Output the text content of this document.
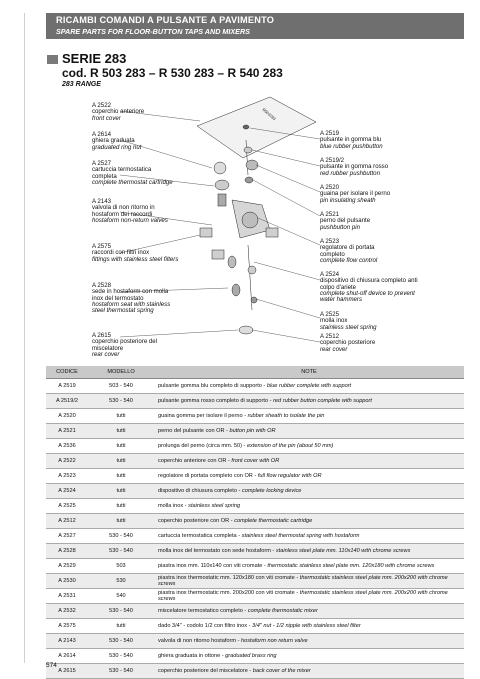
RICAMBI COMANDI A PULSANTE A PAVIMENTO
SPARE PARTS FOR FLOOR-BUTTON TAPS AND MIXERS
SERIE 283
cod. R 503 283 – R 530 283 – R 540 283
283 RANGE
R503283
A 2522
coperchio anteriore
front cover
A 2614
ghiera graduata
graduated ring nut
A 2527
cartuccia termostatica completa
complete thermostat cartridge
A 2143
valvola di non ritorno in hostaform dei raccordi
hostaform non-return valves
A 2575
raccordi con filtri inox
fittings with stainless steel filters
A 2528
sede in hostaform con molla inox del termostato
hostaform seat with stainless steel thermostat spring
A 2615
coperchio posteriore del miscelatore
rear cover
A 2519
pulsante in gomma blu
blue rubber pushbutton
A 2519/2
pulsante in gomma rosso
red rubber pushbutton
A 2520
guaina per isolare il perno
pin insulating sheath
A 2521
perno del pulsante
pushbutton pin
A 2523
regolatore di portata completo
complete flow control
A 2524
dispositivo di chiusura completo anti colpo d'ariete
complete shut-off device to prevent water hammers
A 2525
molla inox
stainless steel spring
A 2512
coperchio posteriore
rear cover
CODICE	MODELLO	NOTE
A 2519	503 - 540	pulsante gomma blu completo di supporto - blue rubber complete with support
A 2519/2	530 - 540	pulsante gomma rosso completo di supporto - red rubber button complete with support
A 2520	tutti	guaina gomma per isolare il perno - rubber sheath to isolate the pin
A 2521	tutti	perno del pulsante con OR - button pin with OR
A 2536	tutti	prolunga del perno (circa mm. 50) - extension of the pin (about 50 mm)
A 2522	tutti	coperchio anteriore con OR - front cover with OR
A 2523	tutti	regolatore di portata completo con OR - full flow regulator with OR
A 2524	tutti	dispositivo di chiusura completo - complete locking device
A 2525	tutti	molla inox - stainless steel spring
A 2512	tutti	coperchio posteriore con OR - complete thermostatic cartridge
A 2527	530 - 540	cartuccia termostatica completa - stainless steel thermostat spring with hostaform
A 2528	530 - 540	molla inox del termostato con sede hostaform - stainless steel plate mm. 110x140 with chrome screws
A 2529	503	piastra inox mm. 110x140 con viti cromate - thermostatic stainless steel plate mm. 120x180 with chrome screws
A 2530	530	piastra inox thermostatic mm. 120x180 con viti cromate - thermostatic stainless steel plate mm. 200x200 with chrome screws
A 2531	540	piastra inox thermostatic mm. 200x200 con viti cromate - thermostatic stainless steel plate mm. 200x200 with chrome screws
A 2532	530 - 540	miscelatore termostatico completo - complete thermostatic mixer
A 2575	tutti	dado 3/4" - codolo 1/2 con filtro inox - 3/4" nut - 1/2 nipple with stainless steel filter
A 2143	530 - 540	valvola di non ritorno hostaform - hostaform non return valve
A 2614	530 - 540	ghiera graduata in ottone - graduated brass ring
A 2615	530 - 540	coperchio posteriore del miscelatore - back cover of the mixer
574
